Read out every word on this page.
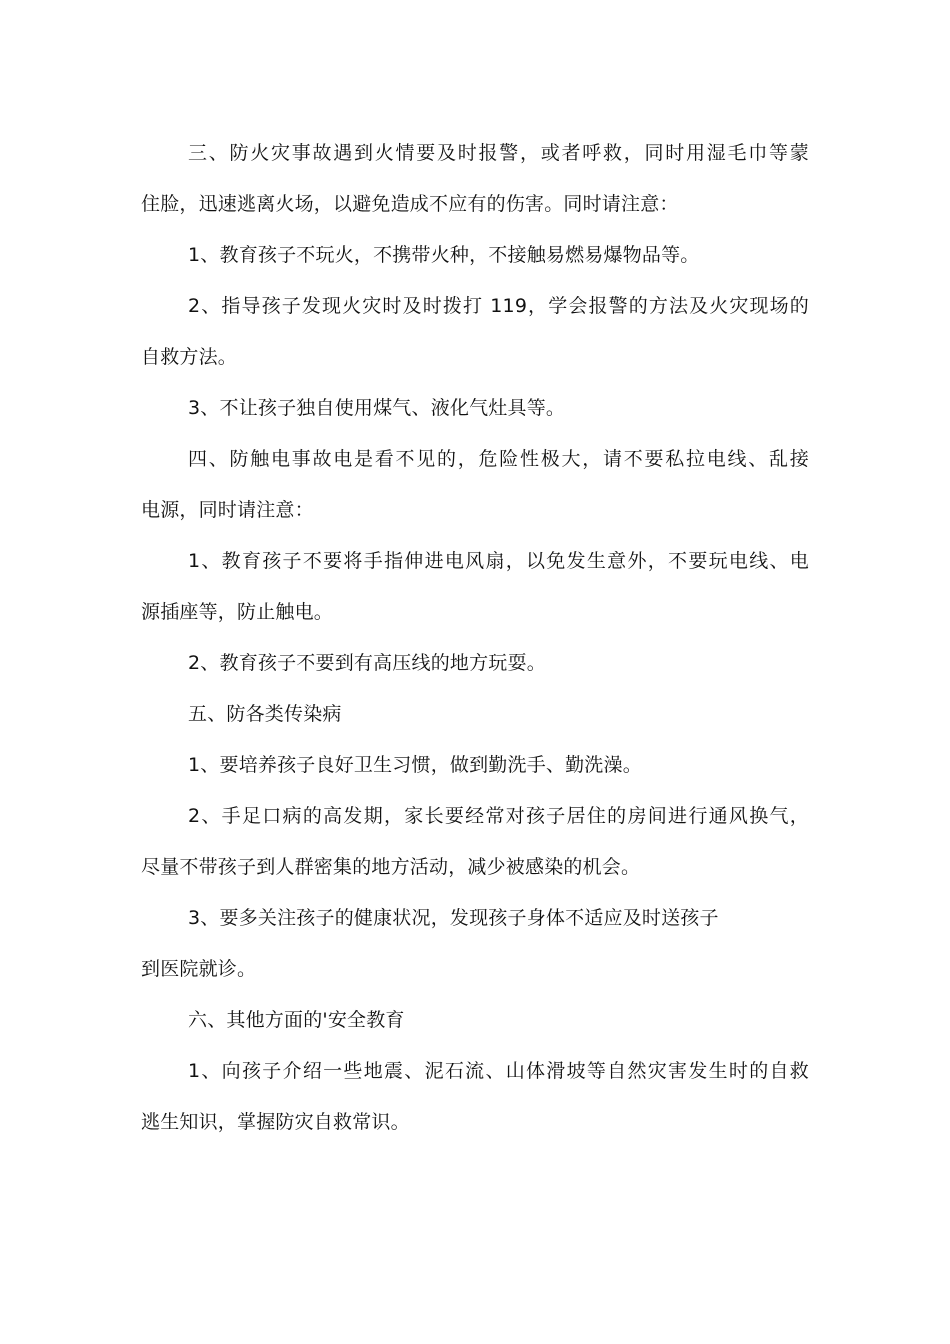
三、防火灾事故遇到火情要及时报警，或者呼救，同时用湿毛巾等蒙
住脸，迅速逃离火场，以避免造成不应有的伤害。同时请注意：
1、教育孩子不玩火，不携带火种，不接触易燃易爆物品等。
2、指导孩子发现火灾时及时拨打 119，学会报警的方法及火灾现场的
自救方法。
3、不让孩子独自使用煤气、液化气灶具等。
四、防触电事故电是看不见的，危险性极大，请不要私拉电线、乱接
电源，同时请注意：
1、教育孩子不要将手指伸进电风扇，以免发生意外，不要玩电线、电
源插座等，防止触电。
2、教育孩子不要到有高压线的地方玩耍。
五、防各类传染病
1、要培养孩子良好卫生习惯，做到勤洗手、勤洗澡。
2、手足口病的高发期，家长要经常对孩子居住的房间进行通风换气，
尽量不带孩子到人群密集的地方活动，减少被感染的机会。
3、要多关注孩子的健康状况，发现孩子身体不适应及时送孩子
到医院就诊。
六、其他方面的'安全教育
1、向孩子介绍一些地震、泥石流、山体滑坡等自然灾害发生时的自救
逃生知识，掌握防灾自救常识。
